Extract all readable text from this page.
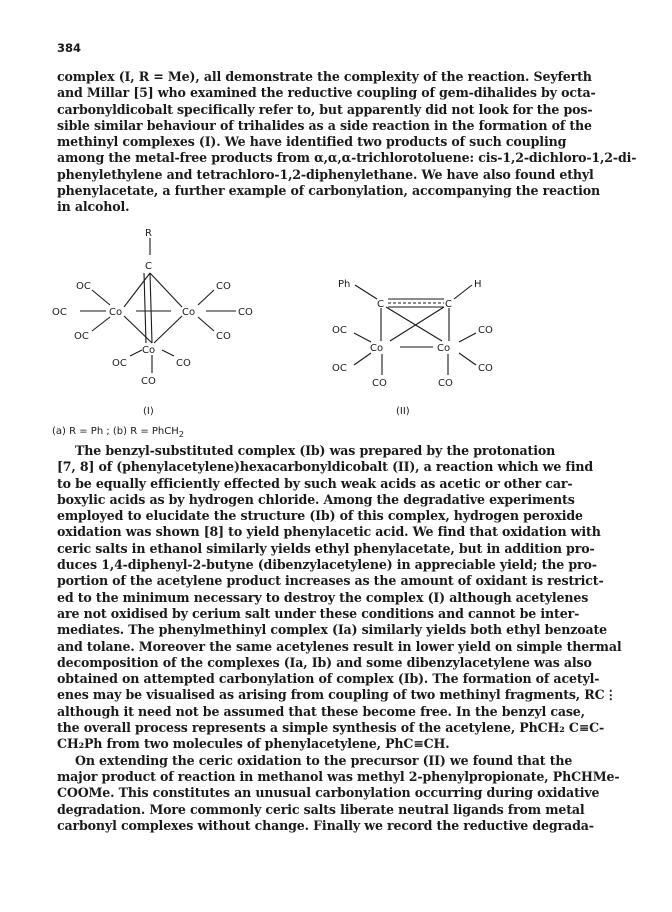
384
complex (I, R = Me), all demonstrate the complexity of the reaction. Seyferth
and Millar [5] who examined the reductive coupling of gem-dihalides by octa-
carbonyldicobalt specifically refer to, but apparently did not look for the pos-
sible similar behaviour of trihalides as a side reaction in the formation of the
methinyl complexes (I). We have identified two products of such coupling
among the metal-free products from α,α,α-trichlorotoluene: cis-1,2-dichloro-1,2-di-
phenylethylene and tetrachloro-1,2-diphenylethane. We have also found ethyl
phenylacetate, a further example of carbonylation, accompanying the reaction
in alcohol.
R
C
OC	CO
OC	Co	Co	CO
OC	CO
Co
OC	CO
CO
(I)
Ph	H
C	C
OC	CO
Co	Co
OC	CO
CO	CO
(II)
(a) R = Ph ; (b) R = PhCH$_2$
The benzyl-substituted complex (Ib) was prepared by the protonation
[7, 8] of (phenylacetylene)hexacarbonyldicobalt (II), a reaction which we find
to be equally efficiently effected by such weak acids as acetic or other car-
boxylic acids as by hydrogen chloride. Among the degradative experiments
employed to elucidate the structure (Ib) of this complex, hydrogen peroxide
oxidation was shown [8] to yield phenylacetic acid. We find that oxidation with
ceric salts in ethanol similarly yields ethyl phenylacetate, but in addition pro-
duces 1,4-diphenyl-2-butyne (dibenzylacetylene) in appreciable yield; the pro-
portion of the acetylene product increases as the amount of oxidant is restrict-
ed to the minimum necessary to destroy the complex (I) although acetylenes
are not oxidised by cerium salt under these conditions and cannot be inter-
mediates. The phenylmethinyl complex (Ia) similarly yields both ethyl benzoate
and tolane. Moreover the same acetylenes result in lower yield on simple thermal
decomposition of the complexes (Ia, Ib) and some dibenzylacetylene was also
obtained on attempted carbonylation of complex (Ib). The formation of acetyl-
enes may be visualised as arising from coupling of two methinyl fragments, RC⋮
although it need not be assumed that these become free. In the benzyl case,
the overall process represents a simple synthesis of the acetylene, PhCH₂ C≡C-
CH₂Ph from two molecules of phenylacetylene, PhC≡CH.
On extending the ceric oxidation to the precursor (II) we found that the
major product of reaction in methanol was methyl 2-phenylpropionate, PhCHMe-
COOMe. This constitutes an unusual carbonylation occurring during oxidative
degradation. More commonly ceric salts liberate neutral ligands from metal
carbonyl complexes without change. Finally we record the reductive degrada-
